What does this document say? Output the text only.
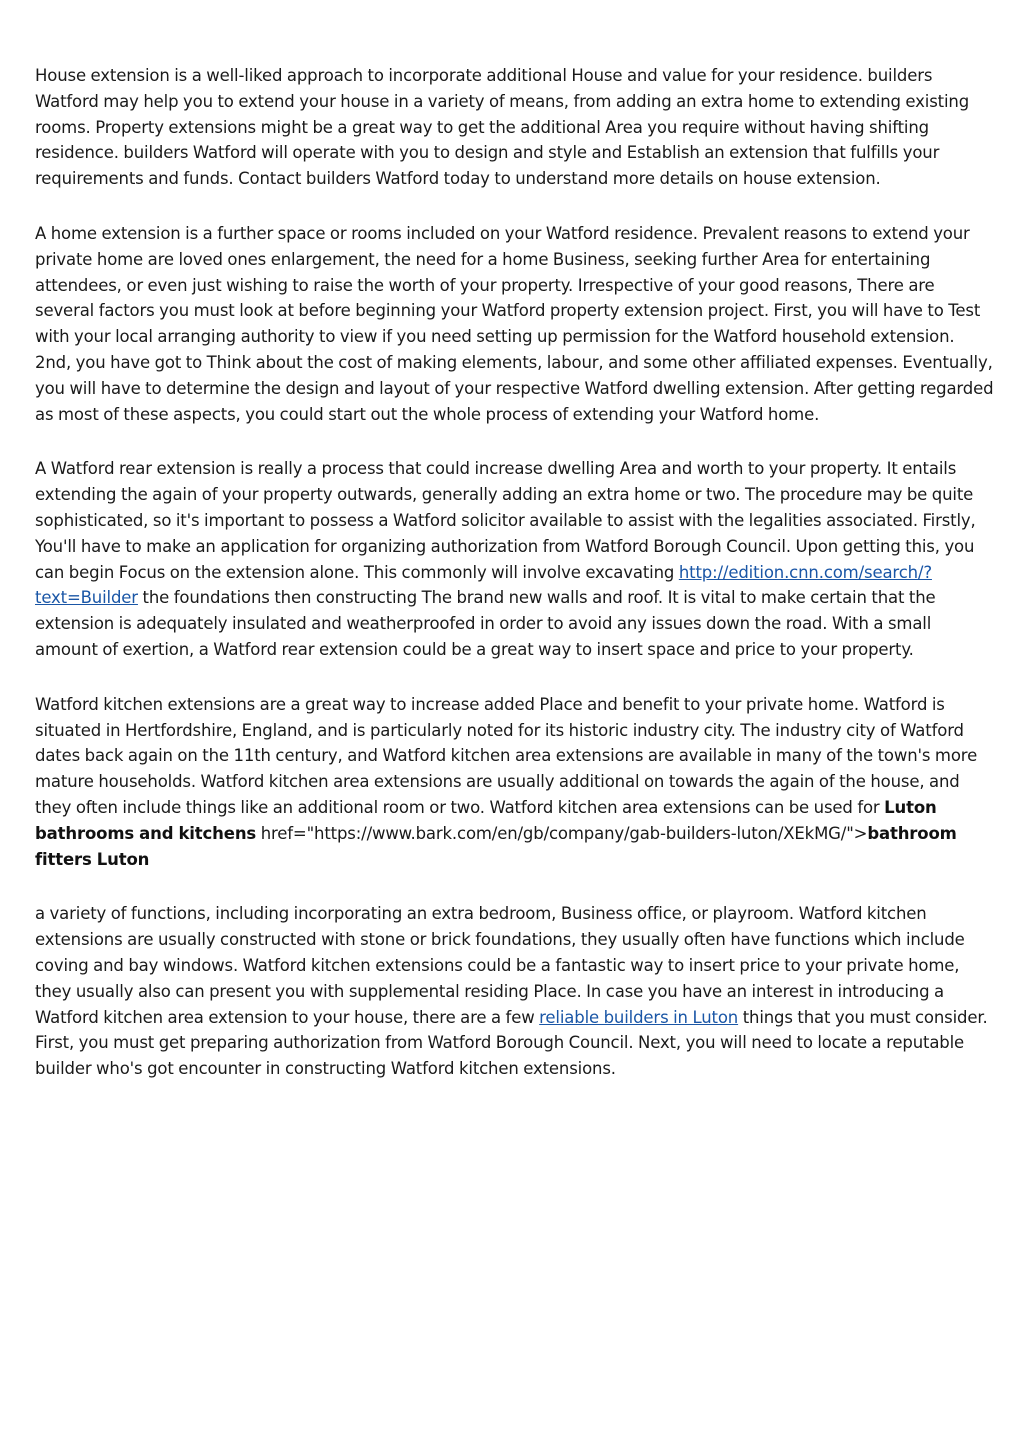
House extension is a well-liked approach to incorporate additional House and value for your residence. builders Watford may help you to extend your house in a variety of means, from adding an extra home to extending existing rooms. Property extensions might be a great way to get the additional Area you require without having shifting residence. builders Watford will operate with you to design and style and Establish an extension that fulfills your requirements and funds. Contact builders Watford today to understand more details on house extension.

A home extension is a further space or rooms included on your Watford residence. Prevalent reasons to extend your private home are loved ones enlargement, the need for a home Business, seeking further Area for entertaining attendees, or even just wishing to raise the worth of your property. Irrespective of your good reasons, There are several factors you must look at before beginning your Watford property extension project. First, you will have to Test with your local arranging authority to view if you need setting up permission for the Watford household extension. 2nd, you have got to Think about the cost of making elements, labour, and some other affiliated expenses. Eventually, you will have to determine the design and layout of your respective Watford dwelling extension. After getting regarded as most of these aspects, you could start out the whole process of extending your Watford home.

A Watford rear extension is really a process that could increase dwelling Area and worth to your property. It entails extending the again of your property outwards, generally adding an extra home or two. The procedure may be quite sophisticated, so it's important to possess a Watford solicitor available to assist with the legalities associated. Firstly, You'll have to make an application for organizing authorization from Watford Borough Council. Upon getting this, you can begin Focus on the extension alone. This commonly will involve excavating http://edition.cnn.com/search/?text=Builder the foundations then constructing The brand new walls and roof. It is vital to make certain that the extension is adequately insulated and weatherproofed in order to avoid any issues down the road. With a small amount of exertion, a Watford rear extension could be a great way to insert space and price to your property.

Watford kitchen extensions are a great way to increase added Place and benefit to your private home. Watford is situated in Hertfordshire, England, and is particularly noted for its historic industry city. The industry city of Watford dates back again on the 11th century, and Watford kitchen area extensions are available in many of the town's more mature households. Watford kitchen area extensions are usually additional on towards the again of the house, and they often include things like an additional room or two. Watford kitchen area extensions can be used for Luton bathrooms and kitchens href="https://www.bark.com/en/gb/company/gab-builders-luton/XEkMG/">bathroom fitters Luton

a variety of functions, including incorporating an extra bedroom, Business office, or playroom. Watford kitchen extensions are usually constructed with stone or brick foundations, they usually often have functions which include coving and bay windows. Watford kitchen extensions could be a fantastic way to insert price to your private home, they usually also can present you with supplemental residing Place. In case you have an interest in introducing a Watford kitchen area extension to your house, there are a few reliable builders in Luton things that you must consider. First, you must get preparing authorization from Watford Borough Council. Next, you will need to locate a reputable builder who's got encounter in constructing Watford kitchen extensions.
